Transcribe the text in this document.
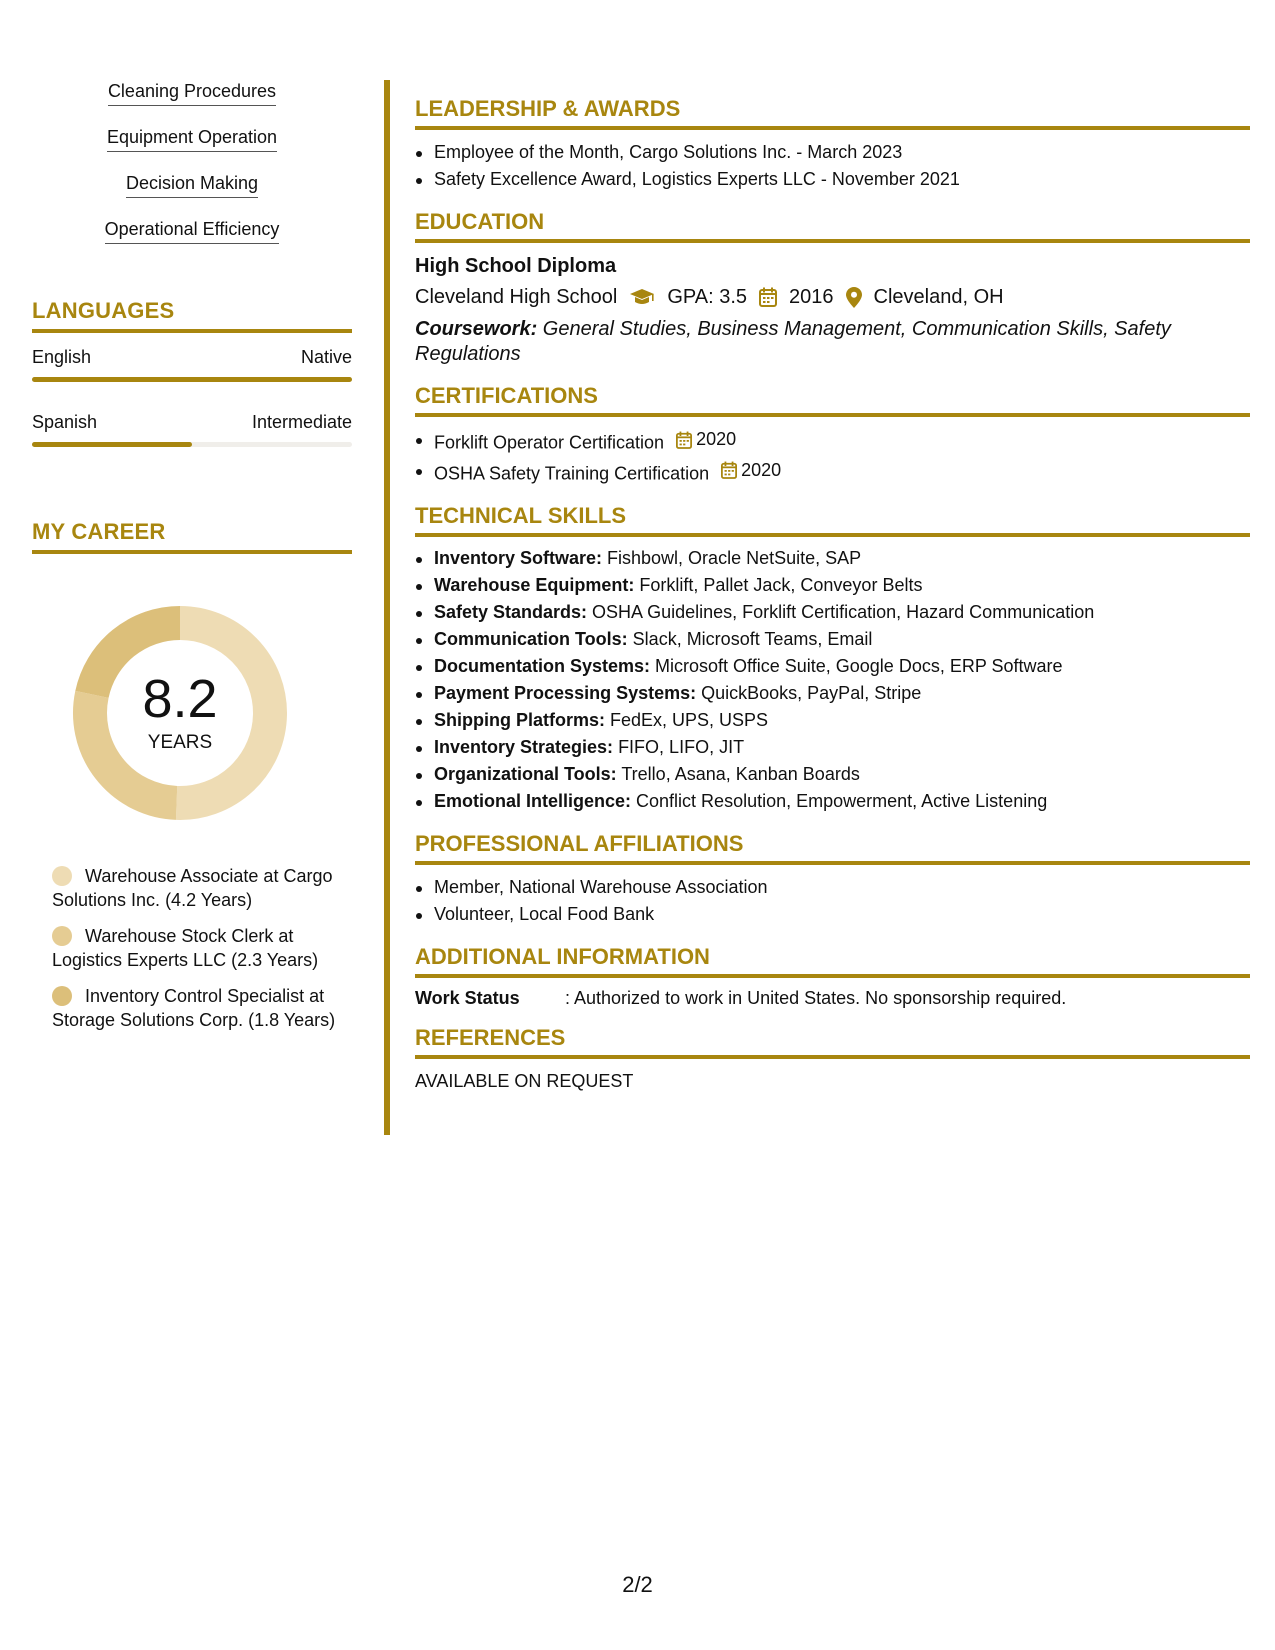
Cleaning Procedures
Equipment Operation
Decision Making
Operational Efficiency
LANGUAGES
English	Native
Spanish	Intermediate
MY CAREER
8.2
YEARS
Warehouse Associate at Cargo Solutions Inc. (4.2 Years)
Warehouse Stock Clerk at Logistics Experts LLC (2.3 Years)
Inventory Control Specialist at Storage Solutions Corp. (1.8 Years)
LEADERSHIP & AWARDS
Employee of the Month, Cargo Solutions Inc. - March 2023
Safety Excellence Award, Logistics Experts LLC - November 2021
EDUCATION
High School Diploma
Cleveland High School	GPA: 3.5 2016 Cleveland, OH
Coursework: General Studies, Business Management, Communication Skills, Safety Regulations
CERTIFICATIONS
Forklift Operator Certification 2020
OSHA Safety Training Certification 2020
TECHNICAL SKILLS
Inventory Software: Fishbowl, Oracle NetSuite, SAP
Warehouse Equipment: Forklift, Pallet Jack, Conveyor Belts
Safety Standards: OSHA Guidelines, Forklift Certification, Hazard Communication
Communication Tools: Slack, Microsoft Teams, Email
Documentation Systems: Microsoft Office Suite, Google Docs, ERP Software
Payment Processing Systems: QuickBooks, PayPal, Stripe
Shipping Platforms: FedEx, UPS, USPS
Inventory Strategies: FIFO, LIFO, JIT
Organizational Tools: Trello, Asana, Kanban Boards
Emotional Intelligence: Conflict Resolution, Empowerment, Active Listening
PROFESSIONAL AFFILIATIONS
Member, National Warehouse Association
Volunteer, Local Food Bank
ADDITIONAL INFORMATION
Work Status	: Authorized to work in United States. No sponsorship required.
REFERENCES
AVAILABLE ON REQUEST
2/2
